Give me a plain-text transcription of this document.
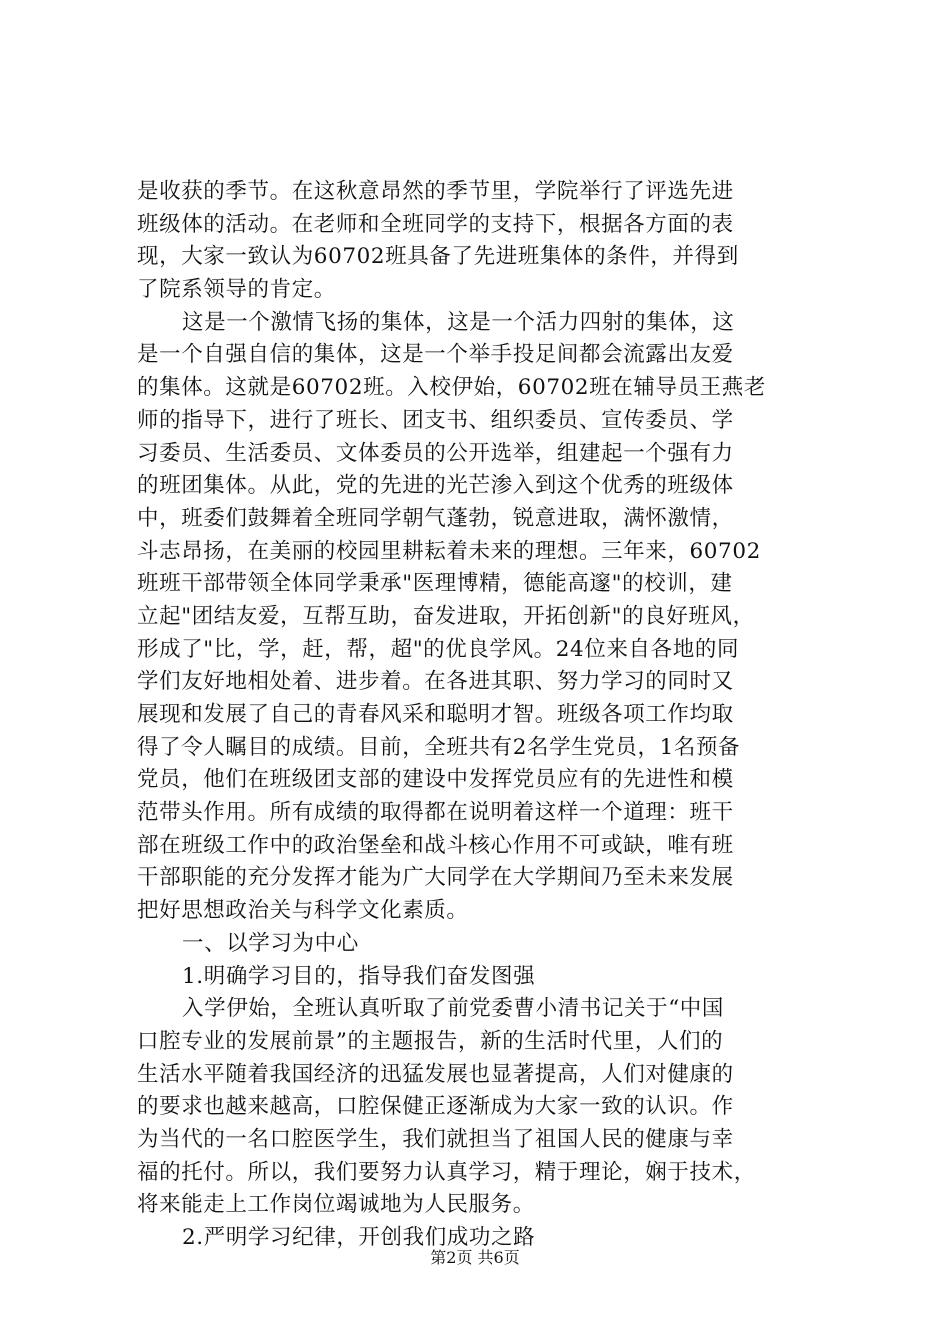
是收获的季节。在这秋意昂然的季节里，学院举行了评选先进
班级体的活动。在老师和全班同学的支持下，根据各方面的表
现，大家一致认为60702班具备了先进班集体的条件，并得到
了院系领导的肯定。
这是一个激情飞扬的集体，这是一个活力四射的集体，这
是一个自强自信的集体，这是一个举手投足间都会流露出友爱
的集体。这就是60702班。入校伊始，60702班在辅导员王燕老
师的指导下，进行了班长、团支书、组织委员、宣传委员、学
习委员、生活委员、文体委员的公开选举，组建起一个强有力
的班团集体。从此，党的先进的光芒渗入到这个优秀的班级体
中，班委们鼓舞着全班同学朝气蓬勃，锐意进取，满怀激情，
斗志昂扬，在美丽的校园里耕耘着未来的理想。三年来，60702
班班干部带领全体同学秉承"医理博精，德能高邃"的校训，建
立起"团结友爱，互帮互助，奋发进取，开拓创新"的良好班风，
形成了"比，学，赶，帮，超"的优良学风。24位来自各地的同
学们友好地相处着、进步着。在各进其职、努力学习的同时又
展现和发展了自己的青春风采和聪明才智。班级各项工作均取
得了令人瞩目的成绩。目前，全班共有2名学生党员，1名预备
党员，他们在班级团支部的建设中发挥党员应有的先进性和模
范带头作用。所有成绩的取得都在说明着这样一个道理：班干
部在班级工作中的政治堡垒和战斗核心作用不可或缺，唯有班
干部职能的充分发挥才能为广大同学在大学期间乃至未来发展
把好思想政治关与科学文化素质。
一、以学习为中心
1.明确学习目的，指导我们奋发图强
入学伊始，全班认真听取了前党委曹小清书记关于“中国
口腔专业的发展前景”的主题报告，新的生活时代里，人们的
生活水平随着我国经济的迅猛发展也显著提高，人们对健康的
的要求也越来越高，口腔保健正逐渐成为大家一致的认识。作
为当代的一名口腔医学生，我们就担当了祖国人民的健康与幸
福的托付。所以，我们要努力认真学习，精于理论，娴于技术，
将来能走上工作岗位竭诚地为人民服务。
2.严明学习纪律，开创我们成功之路
第2页 共6页
